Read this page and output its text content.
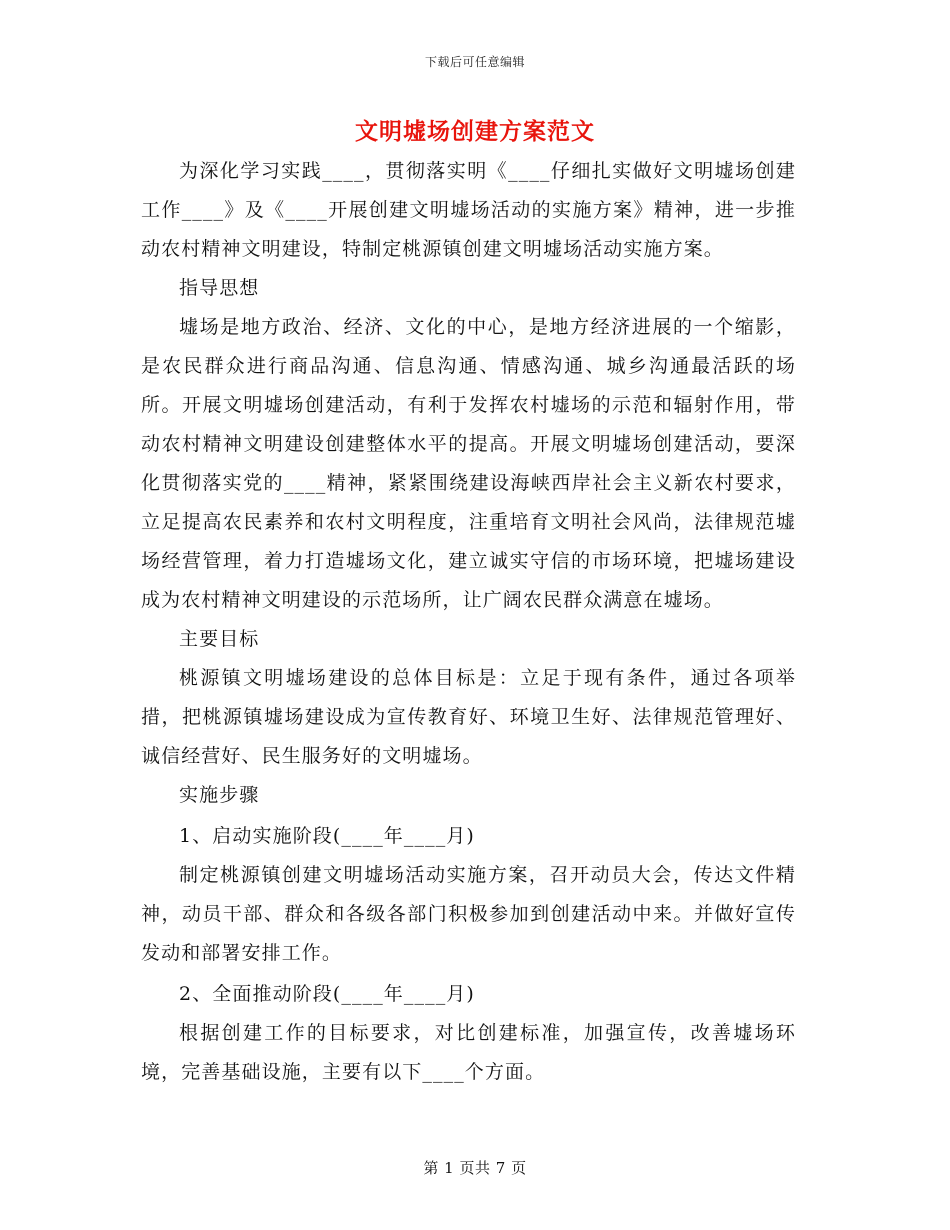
下载后可任意编辑
文明墟场创建方案范文

为深化学习实践____，贯彻落实明《____仔细扎实做好文明墟场创建工作____》及《____开展创建文明墟场活动的实施方案》精神，进一步推动农村精神文明建设，特制定桃源镇创建文明墟场活动实施方案。

指导思想

墟场是地方政治、经济、文化的中心，是地方经济进展的一个缩影，是农民群众进行商品沟通、信息沟通、情感沟通、城乡沟通最活跃的场所。开展文明墟场创建活动，有利于发挥农村墟场的示范和辐射作用，带动农村精神文明建设创建整体水平的提高。开展文明墟场创建活动，要深化贯彻落实党的____精神，紧紧围绕建设海峡西岸社会主义新农村要求，立足提高农民素养和农村文明程度，注重培育文明社会风尚，法律规范墟场经营管理，着力打造墟场文化，建立诚实守信的市场环境，把墟场建设成为农村精神文明建设的示范场所，让广阔农民群众满意在墟场。

主要目标

桃源镇文明墟场建设的总体目标是：立足于现有条件，通过各项举措，把桃源镇墟场建设成为宣传教育好、环境卫生好、法律规范管理好、诚信经营好、民生服务好的文明墟场。

实施步骤

1、启动实施阶段(____年____月)

制定桃源镇创建文明墟场活动实施方案，召开动员大会，传达文件精神，动员干部、群众和各级各部门积极参加到创建活动中来。并做好宣传发动和部署安排工作。

2、全面推动阶段(____年____月)

根据创建工作的目标要求，对比创建标准，加强宣传，改善墟场环境，完善基础设施，主要有以下____个方面。

第 1 页共 7 页
